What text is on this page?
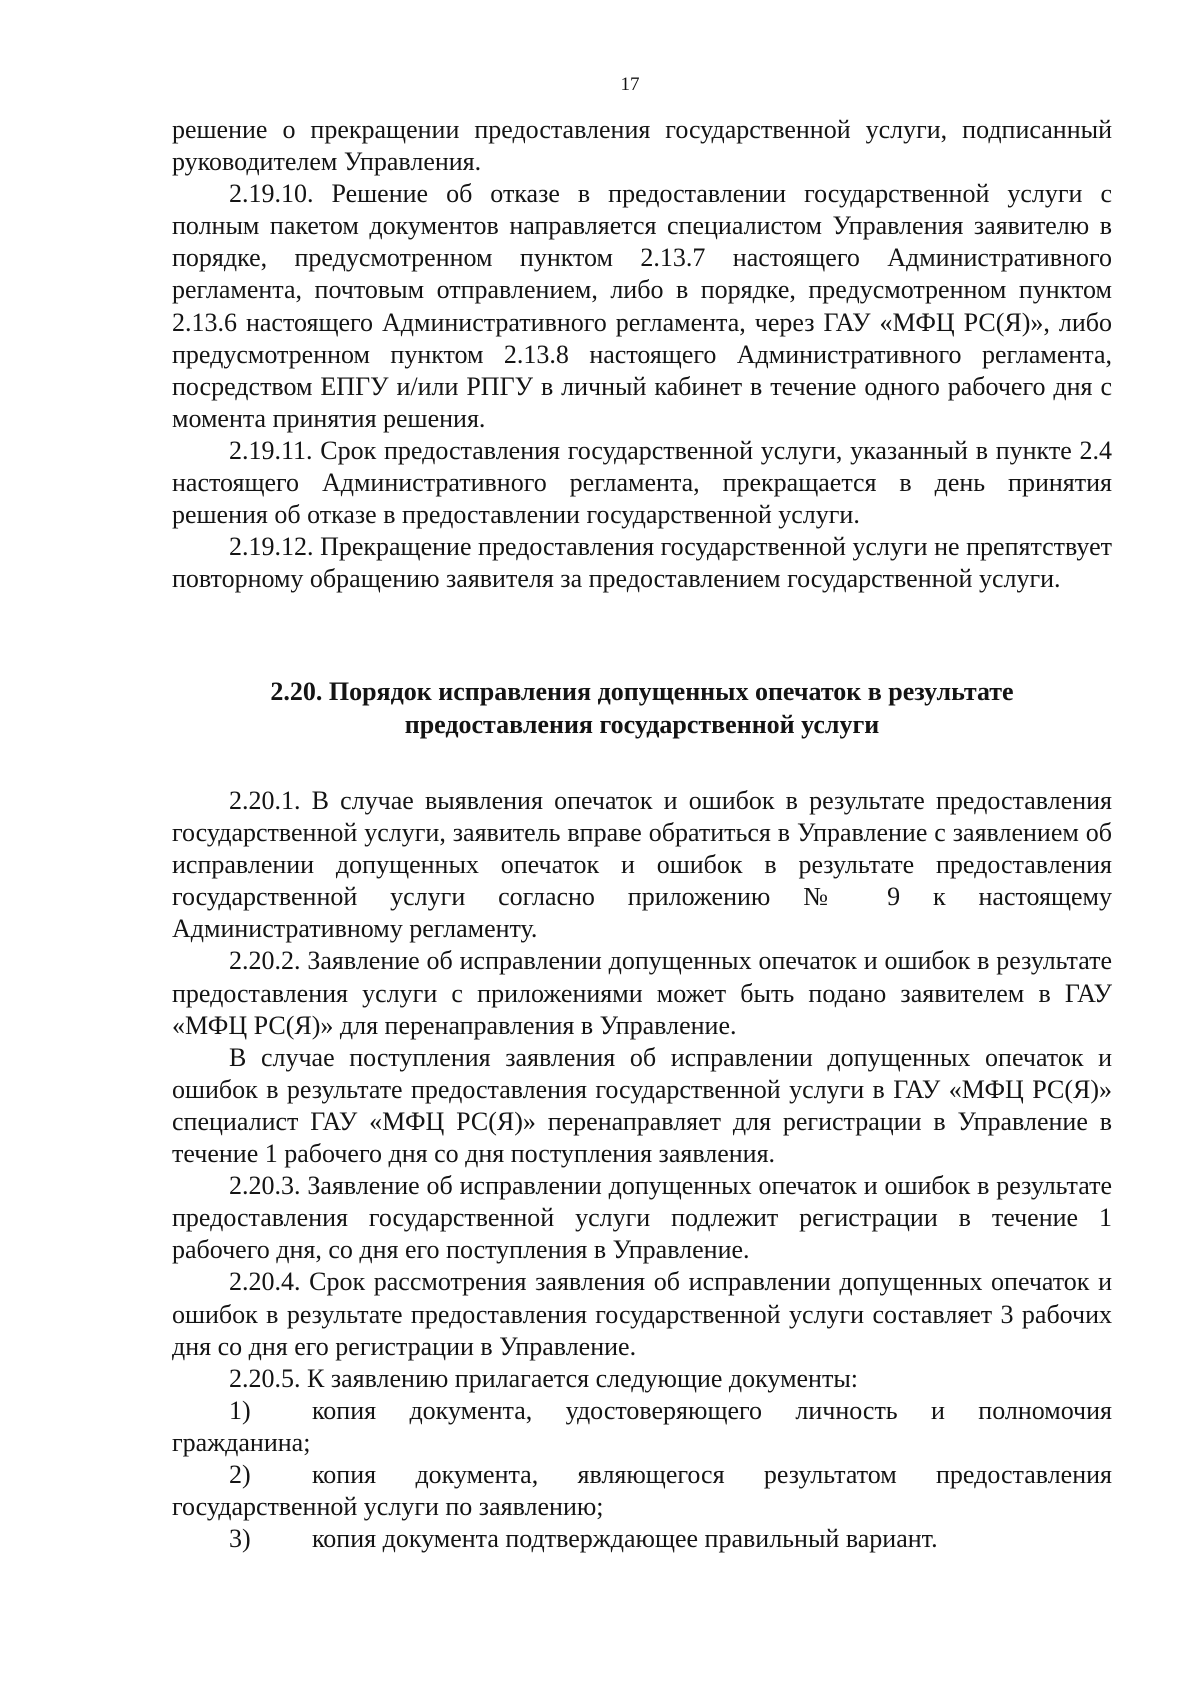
17

решение о прекращении предоставления государственной услуги, подписанный руководителем Управления.

2.19.10. Решение об отказе в предоставлении государственной услуги с полным пакетом документов направляется специалистом Управления заявителю в порядке, предусмотренном пунктом 2.13.7 настоящего Административного регламента, почтовым отправлением, либо в порядке, предусмотренном пунктом 2.13.6 настоящего Административного регламента, через ГАУ «МФЦ РС(Я)», либо предусмотренном пунктом 2.13.8 настоящего Административного регламента, посредством ЕПГУ и/или РПГУ в личный кабинет в течение одного рабочего дня с момента принятия решения.

2.19.11. Срок предоставления государственной услуги, указанный в пункте 2.4 настоящего Административного регламента, прекращается в день принятия решения об отказе в предоставлении государственной услуги.

2.19.12. Прекращение предоставления государственной услуги не препятствует повторному обращению заявителя за предоставлением государственной услуги.

2.20. Порядок исправления допущенных опечаток в результате
предоставления государственной услуги

2.20.1. В случае выявления опечаток и ошибок в результате предоставления государственной услуги, заявитель вправе обратиться в Управление с заявлением об исправлении допущенных опечаток и ошибок в результате предоставления государственной услуги согласно приложению № 9 к настоящему Административному регламенту.

2.20.2. Заявление об исправлении допущенных опечаток и ошибок в результате предоставления услуги с приложениями может быть подано заявителем в ГАУ «МФЦ РС(Я)» для перенаправления в Управление.

В случае поступления заявления об исправлении допущенных опечаток и ошибок в результате предоставления государственной услуги в ГАУ «МФЦ РС(Я)» специалист ГАУ «МФЦ РС(Я)» перенаправляет для регистрации в Управление в течение 1 рабочего дня со дня поступления заявления.

2.20.3. Заявление об исправлении допущенных опечаток и ошибок в результате предоставления государственной услуги подлежит регистрации в течение 1 рабочего дня, со дня его поступления в Управление.

2.20.4. Срок рассмотрения заявления об исправлении допущенных опечаток и ошибок в результате предоставления государственной услуги составляет 3 рабочих дня со дня его регистрации в Управление.

2.20.5. К заявлению прилагается следующие документы:

1) копия документа, удостоверяющего личность и полномочия гражданина;

2) копия документа, являющегося результатом предоставления государственной услуги по заявлению;

3) копия документа подтверждающее правильный вариант.
